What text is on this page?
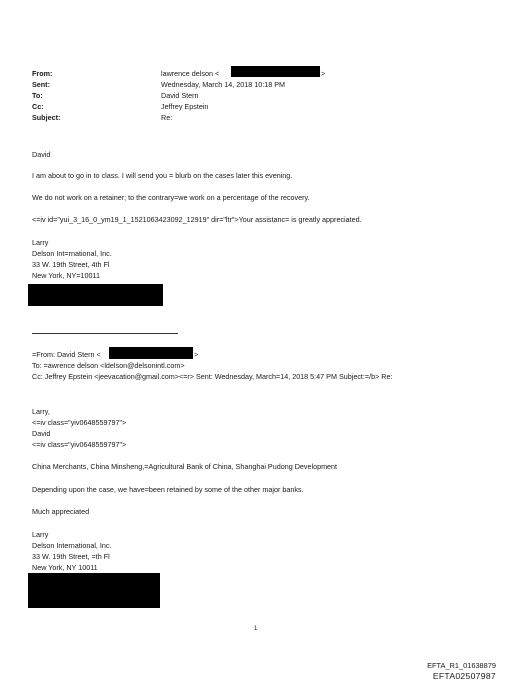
From:
Sent:
To:
Cc:
Subject:
lawrence delson <	>
Wednesday, March 14, 2018 10:18 PM
David Stern
Jeffrey Epstein
Re:
David
I am about to go in to class. I will send you = blurb on the cases later this evening.
We do not work on a retainer; to the contrary=we work on a percentage of the recovery.
<=iv id="yui_3_16_0_ym19_1_1521063423092_12919" dir="ltr">Your assistanc= is greatly appreciated.
Larry
Delson Int=rnational, Inc.
33 W. 19th Street, 4th Fl
New York, NY=10011
=From: David Stern <	>
To: =awrence delson <ldelson@delsonintl.com>
Cc: Jeffrey Epstein <jeevacation@gmail.com><=r> Sent: Wednesday, March=14, 2018 5:47 PM Subject:=/b> Re:
Larry,
<=iv class="yiv0648559797">
David
<=iv class="yiv0648559797">
China Merchants, China Minsheng,=Agricultural Bank of China, Shanghai Pudong Development
Depending upon the case, we have=been retained by some of the other major banks.
Much appreciated
Larry
Delson International, Inc.
33 W. 19th Street, =th Fl
New York, NY 10011
1
EFTA_R1_01638879
EFTA02507987
